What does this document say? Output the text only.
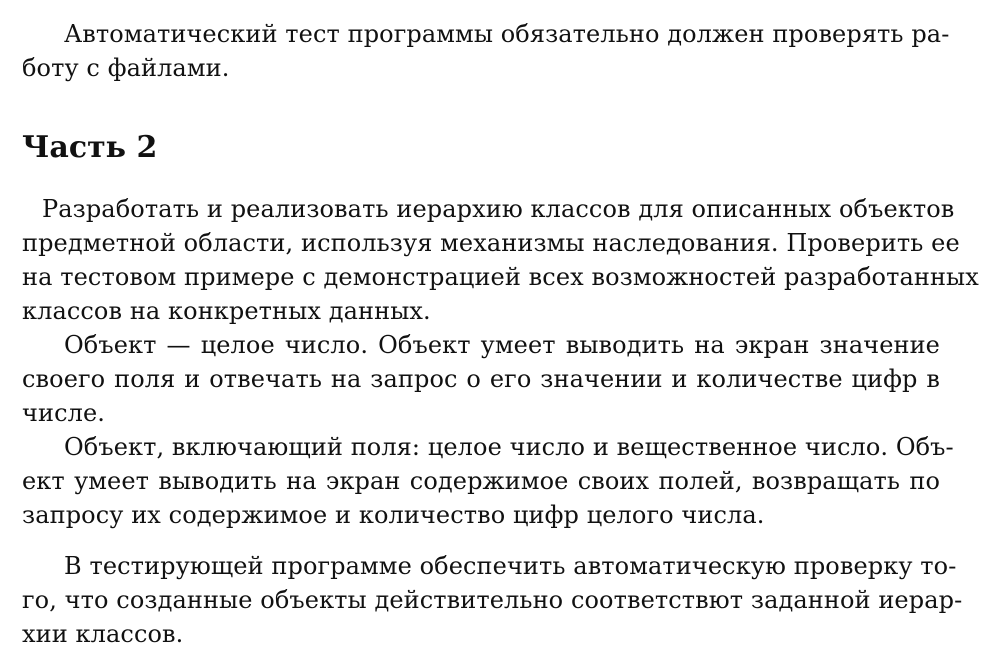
Автоматический тест программы обязательно должен проверять ра-
боту с файлами.
Часть 2
Разработать и реализовать иерархию классов для описанных объектов
предметной области, используя механизмы наследования. Проверить ее
на тестовом примере с демонстрацией всех возможностей разработанных
классов на конкретных данных.
Объект — целое число. Объект умеет выводить на экран значение
своего поля и отвечать на запрос о его значении и количестве цифр в
числе.
Объект, включающий поля: целое число и вещественное число. Объ-
ект умеет выводить на экран содержимое своих полей, возвращать по
запросу их содержимое и количество цифр целого числа.
В тестирующей программе обеспечить автоматическую проверку то-
го, что созданные объекты действительно соответствют заданной иерар-
хии классов.
